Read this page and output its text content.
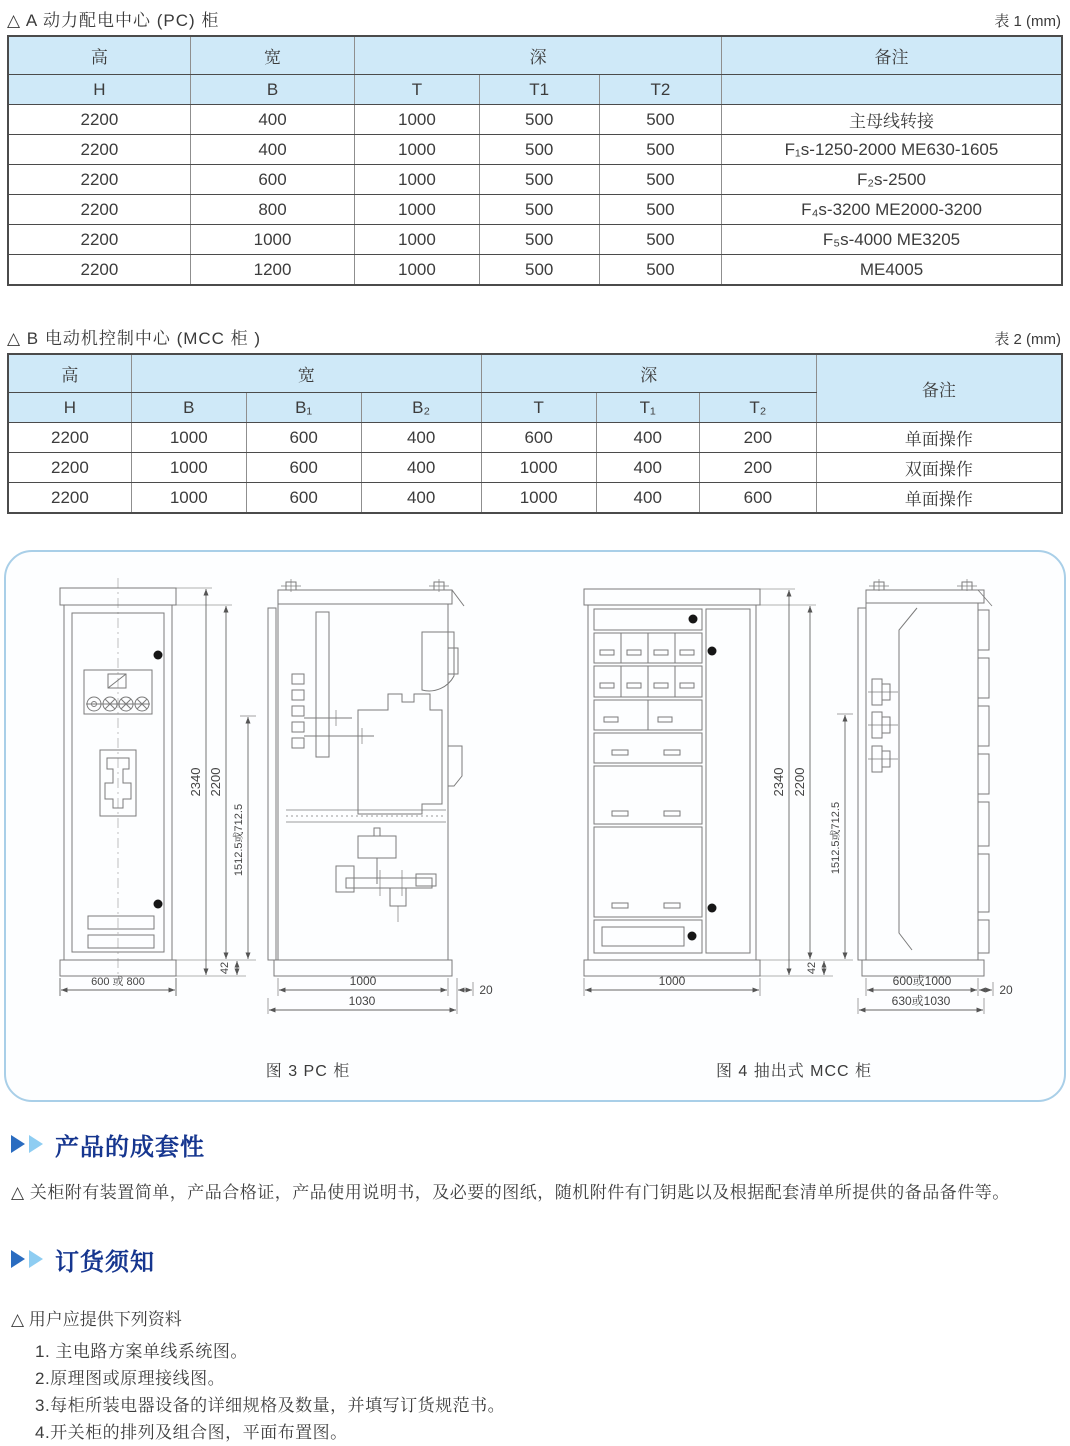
△ A 动力配电中心 (PC) 柜	表 1 (mm)
高	宽	深			备注
H	B	T	T1	T2	
2200	400	1000	500	500	主母线转接
2200	400	1000	500	500	F₁s-1250-2000 ME630-1605
2200	600	1000	500	500	F₂s-2500
2200	800	1000	500	500	F₄s-3200 ME2000-3200
2200	1000	1000	500	500	F₅s-4000 ME3205
2200	1200	1000	500	500	ME4005
△ B 电动机控制中心 (MCC 柜 )	表 2 (mm)
高	宽			深			备注
H	B	B₁	B₂	T	T₁	T₂	
2200	1000	600	400	600	400	200	单面操作
2200	1000	600	400	1000	400	200	双面操作
2200	1000	600	400	1000	400	600	单面操作
600 或 800
2340 2200
1512.5或712.5
42
1000
1030
20
1000
2340 2200
1512.5或712.5
42
600或1000
630或1030
20
图 3 PC 柜	图 4 抽出式 MCC 柜
产品的成套性
△ 关柜附有装置简单，产品合格证，产品使用说明书，及必要的图纸，随机附件有门钥匙以及根据配套清单所提供的备品备件等。
订货须知
△ 用户应提供下列资料
1. 主电路方案单线系统图。
2.原理图或原理接线图。
3.每柜所装电器设备的详细规格及数量，并填写订货规范书。
4.开关柜的排列及组合图，平面布置图。
